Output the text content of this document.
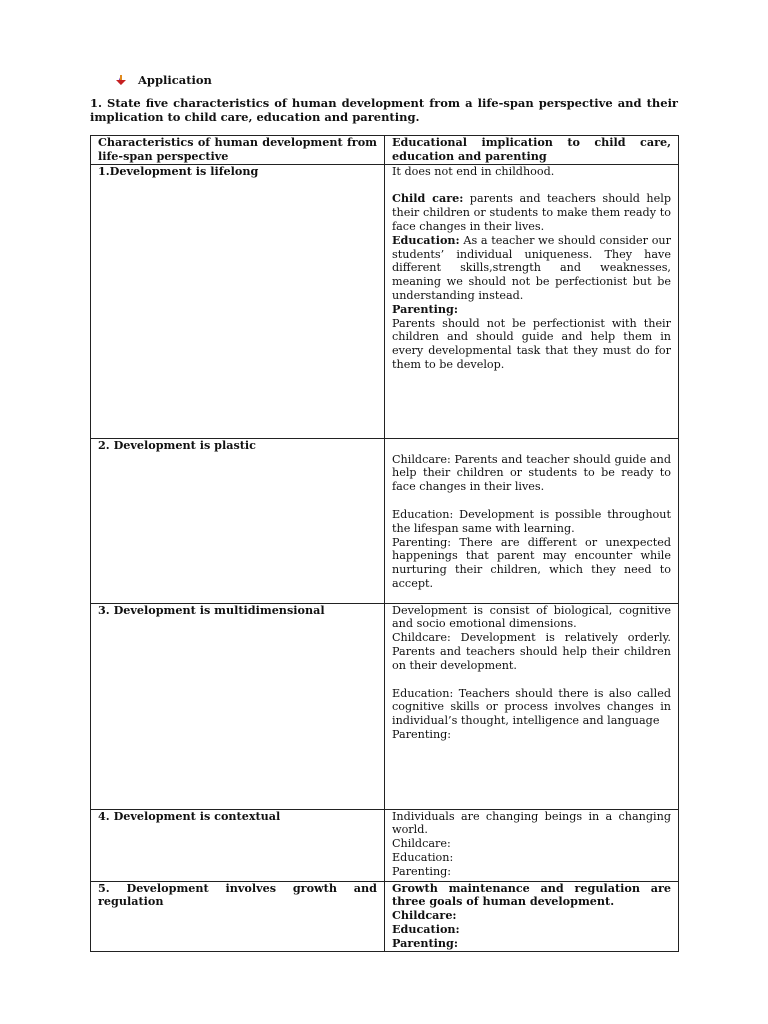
Application
1. State five characteristics of human development from a life-span perspective and their implication to child care, education and parenting.
Characteristics of human development from life-span perspective	Educational implication to child care, education and parenting
1.Development is lifelong	It does not end in childhood.

Child care: parents and teachers should help their children or students to make them ready to face changes in their lives.

Education: As a teacher we should consider our students’ individual uniqueness. They have different skills,strength and weaknesses, meaning we should not be perfectionist but be understanding instead.

Parenting:

Parents should not be perfectionist with their children and should guide and help them in every developmental task that they must do for them to be develop.

2. Development is plastic	Childcare: Parents and teacher should guide and help their children or students to be ready to face changes in their lives.

Education: Development is possible throughout the lifespan same with learning.

Parenting: There are different or unexpected happenings that parent may encounter while nurturing their children, which they need to accept.

3. Development is multidimensional	Development is consist of biological, cognitive and socio emotional dimensions.

Childcare: Development is relatively orderly. Parents and teachers should help their children on their development.

Education: Teachers should there is also called cognitive skills or process involves changes in individual’s thought, intelligence and language

Parenting:

4. Development is contextual	Individuals are changing beings in a changing world.

Childcare:

Education:

Parenting:

5. Development involves growth and regulation	Growth maintenance and regulation are three goals of human development.

Childcare:

Education:

Parenting:
